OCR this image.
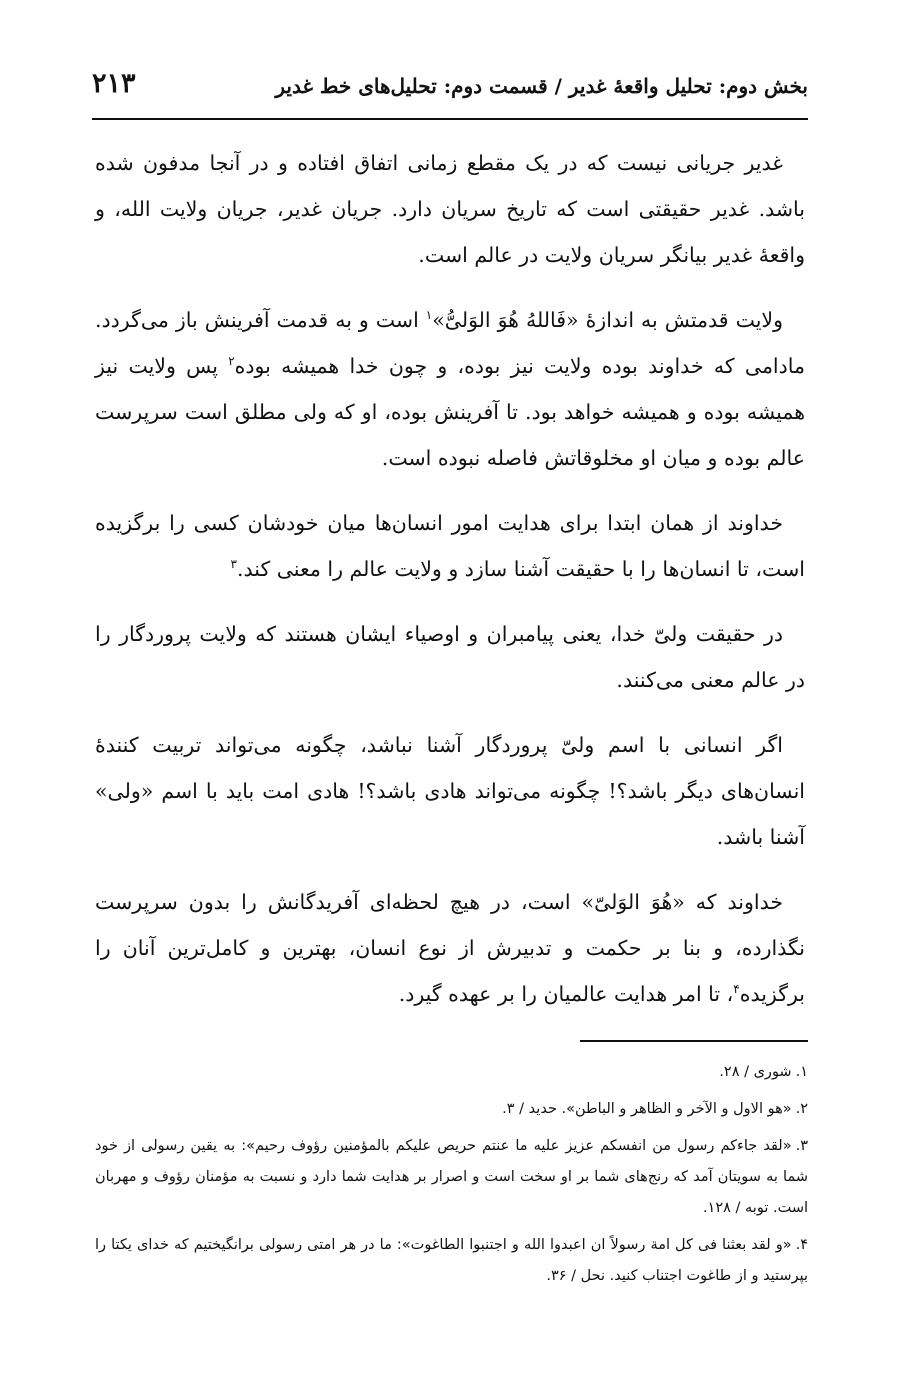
بخش دوم: تحلیل واقعهٔ غدیر / قسمت دوم: تحلیل‌های خط غدیر
۲۱۳

غدیر جریانی نیست که در یک مقطع زمانی اتفاق افتاده و در آنجا مدفون شده باشد. غدیر حقیقتی است که تاریخ سریان دارد. جریان غدیر، جریان ولایت الله، و واقعهٔ غدیر بیانگر سریان ولایت در عالم است.

ولایت قدمتش به اندازهٔ «فَاللهُ هُوَ الوَلیُّ»$^۱$ است و به قدمت آفرینش باز می‌گردد. مادامی که خداوند بوده ولایت نیز بوده، و چون خدا همیشه بوده$^۲$ پس ولایت نیز همیشه بوده و همیشه خواهد بود. تا آفرینش بوده، او که ولی مطلق است سرپرست عالم بوده و میان او مخلوقاتش فاصله نبوده است.

خداوند از همان ابتدا برای هدایت امور انسان‌ها میان خودشان کسی را برگزیده است، تا انسان‌ها را با حقیقت آشنا سازد و ولایت عالم را معنی کند.$^۳$

در حقیقت ولیّ خدا، یعنی پیامبران و اوصیاء ایشان هستند که ولایت پروردگار را در عالم معنی می‌کنند.

اگر انسانی با اسم ولیّ پروردگار آشنا نباشد، چگونه می‌تواند تربیت کنندهٔ انسان‌های دیگر باشد؟! چگونه می‌تواند هادی باشد؟! هادی امت باید با اسم «ولی» آشنا باشد.

خداوند که «هُوَ الوَلیّ» است، در هیچ لحظه‌ای آفریدگانش را بدون سرپرست نگذارده، و بنا بر حکمت و تدبیرش از نوع انسان، بهترین و کامل‌ترین آنان را برگزیده$^۴$، تا امر هدایت عالمیان را بر عهده گیرد.

۱.شوری / ۲۸.
۲.«هو الاول و الآخر و الظاهر و الباطن». حدید / ۳.
۳.«لقد جاءکم رسول من انفسکم عزیز علیه ما عنتم حریص علیکم بالمؤمنین رؤوف رحیم»: به یقین رسولی از خود شما به سویتان آمد که رنج‌های شما بر او سخت است و اصرار بر هدایت شما دارد و نسبت به مؤمنان رؤوف و مهربان است. توبه / ۱۲۸.
۴.«و لقد بعثنا فی کل امة رسولاً ان اعبدوا الله و اجتنبوا الطاغوت»: ما در هر امتی رسولی برانگیختیم که خدای یکتا را بپرستید و از طاغوت اجتناب کنید. نحل / ۳۶.
